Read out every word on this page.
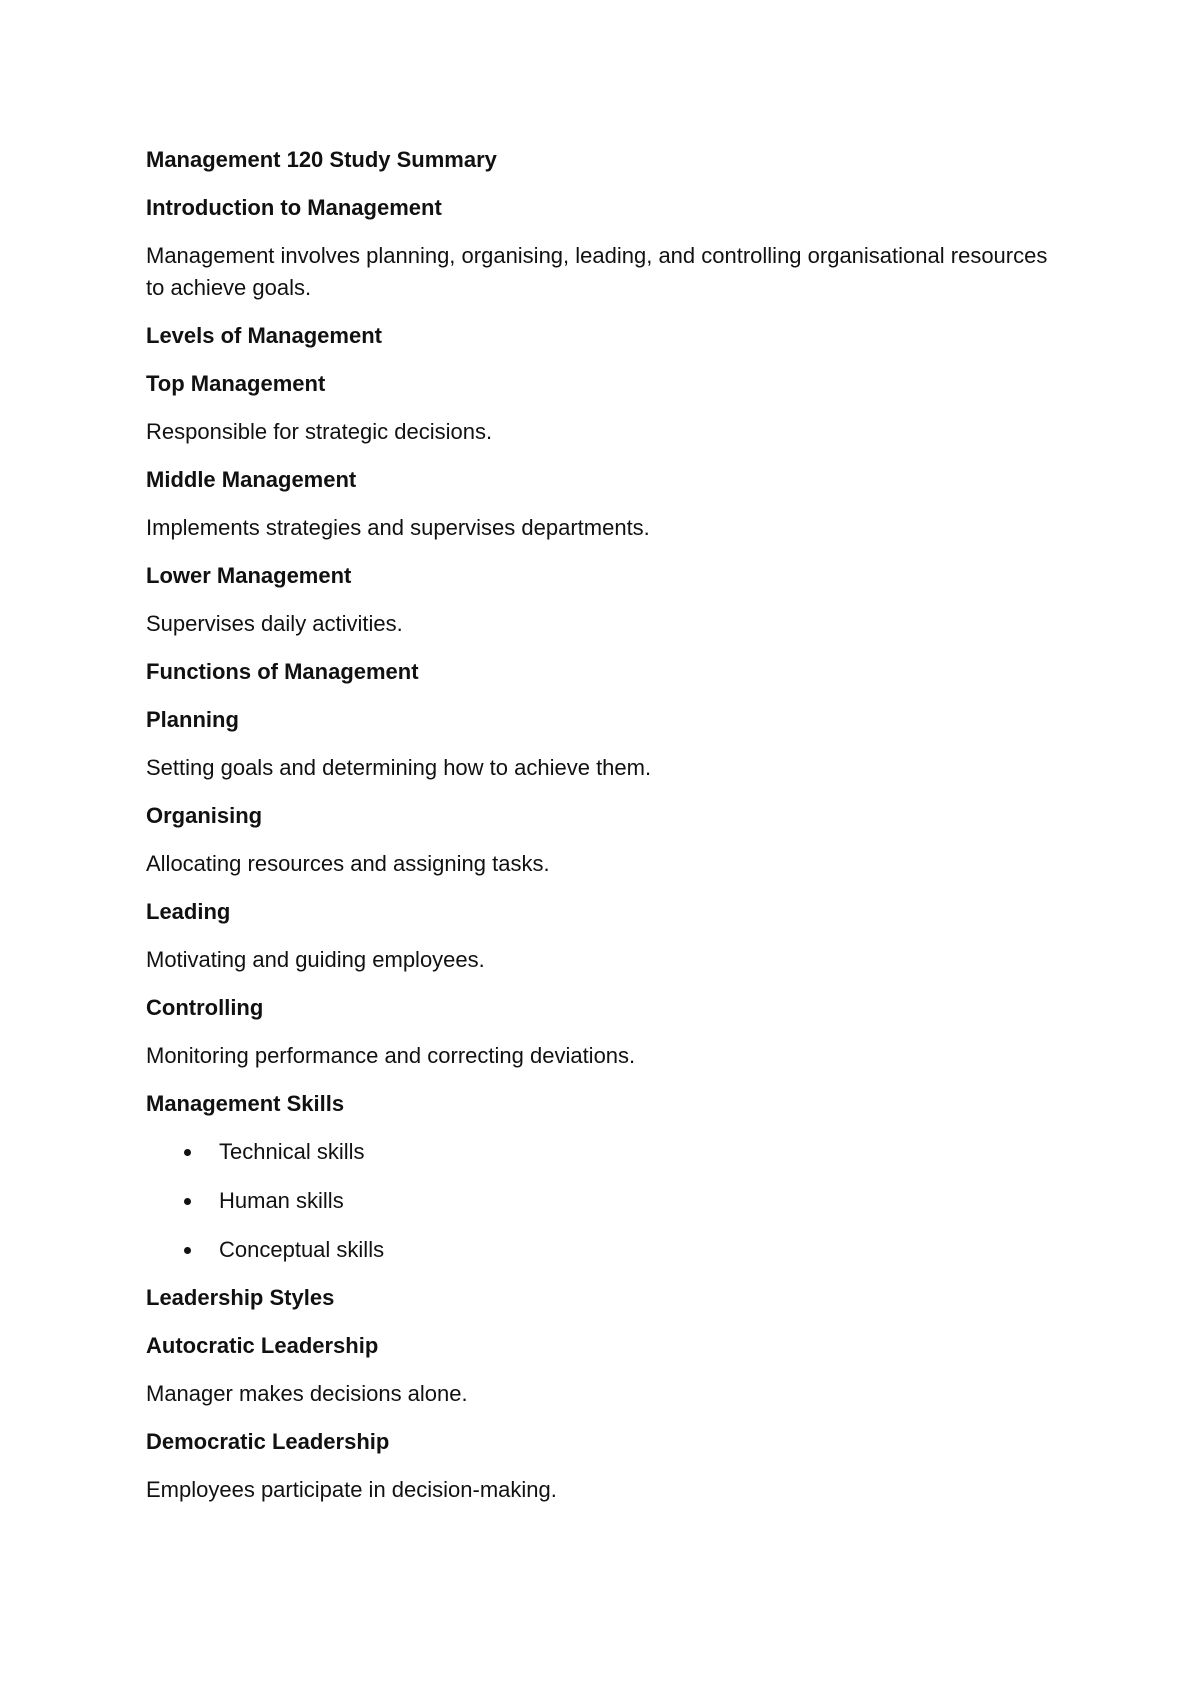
Management 120 Study Summary

Introduction to Management

Management involves planning, organising, leading, and controlling organisational resources to achieve goals.

Levels of Management

Top Management

Responsible for strategic decisions.

Middle Management

Implements strategies and supervises departments.

Lower Management

Supervises daily activities.

Functions of Management

Planning

Setting goals and determining how to achieve them.

Organising

Allocating resources and assigning tasks.

Leading

Motivating and guiding employees.

Controlling

Monitoring performance and correcting deviations.

Management Skills

Technical skills
Human skills
Conceptual skills

Leadership Styles

Autocratic Leadership

Manager makes decisions alone.

Democratic Leadership

Employees participate in decision-making.
